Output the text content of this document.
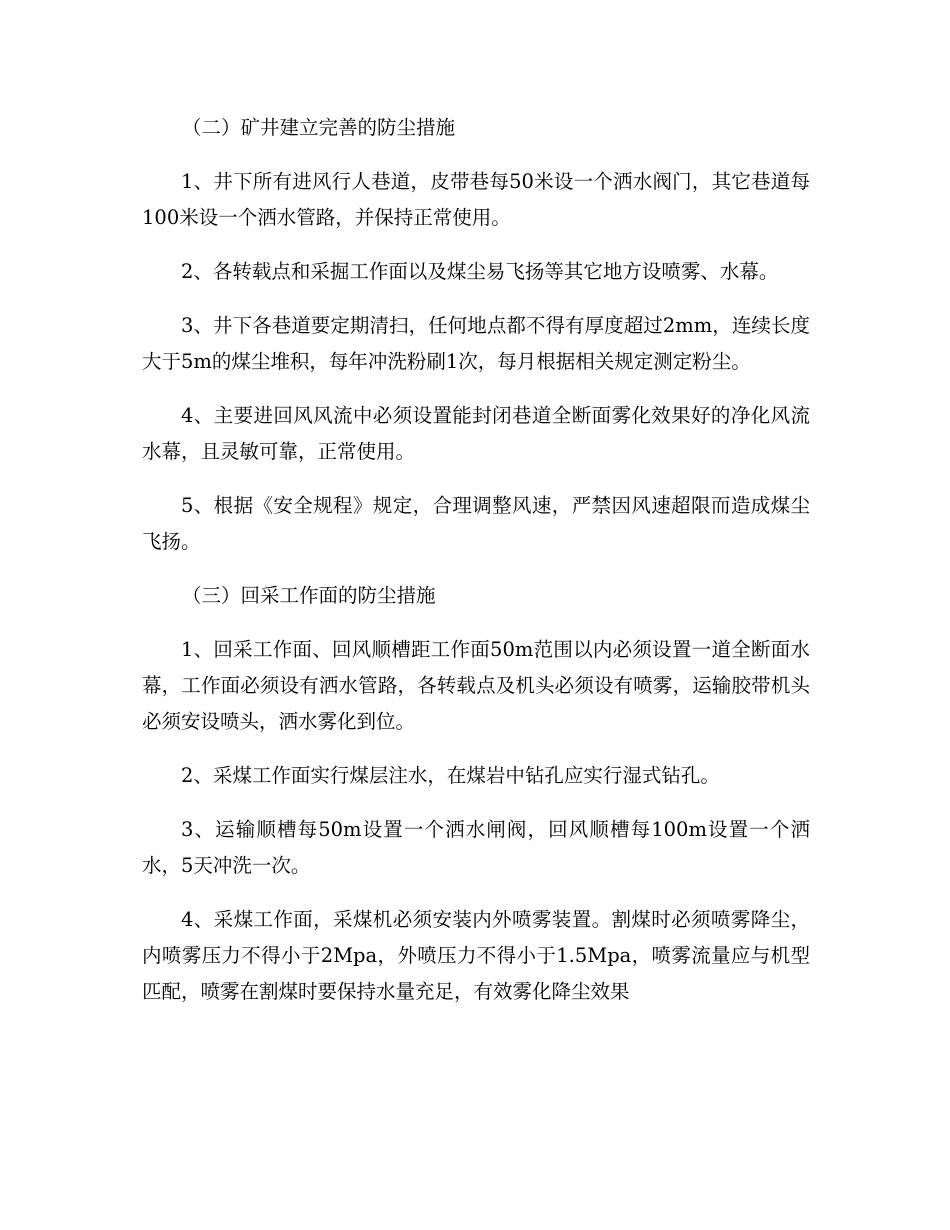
（二）矿井建立完善的防尘措施

1、井下所有进风行人巷道，皮带巷每50米设一个洒水阀门，其它巷道每100米设一个洒水管路，并保持正常使用。

2、各转载点和采掘工作面以及煤尘易飞扬等其它地方设喷雾、水幕。

3、井下各巷道要定期清扫，任何地点都不得有厚度超过2mm，连续长度大于5m的煤尘堆积，每年冲洗粉刷1次，每月根据相关规定测定粉尘。

4、主要进回风风流中必须设置能封闭巷道全断面雾化效果好的净化风流水幕，且灵敏可靠，正常使用。

5、根据《安全规程》规定，合理调整风速，严禁因风速超限而造成煤尘飞扬。

（三）回采工作面的防尘措施

1、回采工作面、回风顺槽距工作面50m范围以内必须设置一道全断面水幕，工作面必须设有洒水管路，各转载点及机头必须设有喷雾，运输胶带机头必须安设喷头，洒水雾化到位。

2、采煤工作面实行煤层注水，在煤岩中钻孔应实行湿式钻孔。

3、运输顺槽每50m设置一个洒水闸阀，回风顺槽每100m设置一个洒水，5天冲洗一次。

4、采煤工作面，采煤机必须安装内外喷雾装置。割煤时必须喷雾降尘，内喷雾压力不得小于2Mpa，外喷压力不得小于1.5Mpa，喷雾流量应与机型匹配，喷雾在割煤时要保持水量充足，有效雾化降尘效果
